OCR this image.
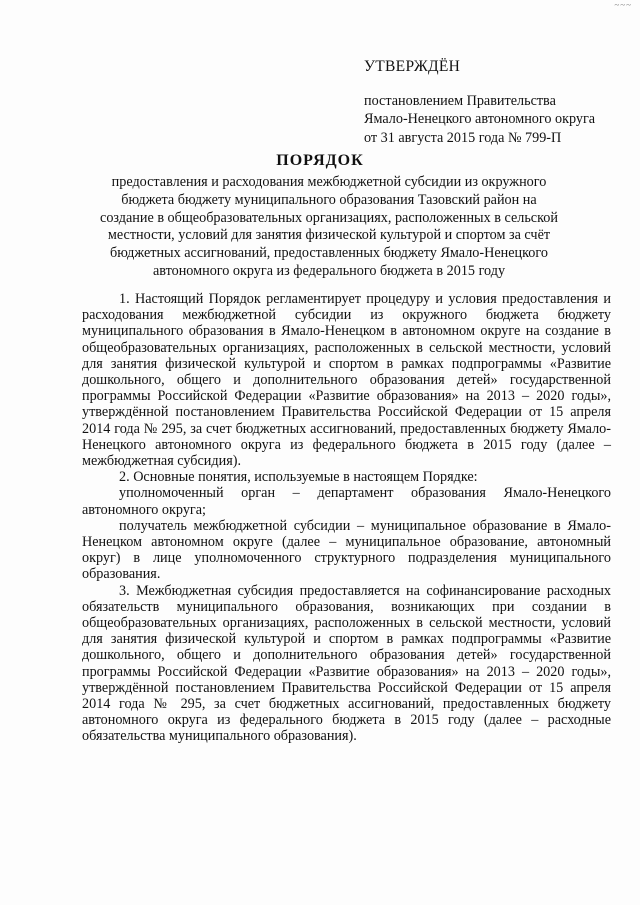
~~~
УТВЕРЖДЁН
постановлением Правительства
Ямало-Ненецкого автономного округа
от 31 августа 2015 года № 799-П
ПОРЯДОК
предоставления и расходования межбюджетной субсидии из окружного бюджета бюджету муниципального образования Тазовский район на создание в общеобразовательных организациях, расположенных в сельской местности, условий для занятия физической культурой и спортом за счёт бюджетных ассигнований, предоставленных бюджету Ямало-Ненецкого автономного округа из федерального бюджета в 2015 году

1. Настоящий Порядок регламентирует процедуру и условия предоставления и расходования межбюджетной субсидии из окружного бюджета бюджету муниципального образования в Ямало-Ненецком в автономном округе на создание в общеобразовательных организациях, расположенных в сельской местности, условий для занятия физической культурой и спортом в рамках подпрограммы «Развитие дошкольного, общего и дополнительного образования детей» государственной программы Российской Федерации «Развитие образования» на 2013 – 2020 годы», утверждённой постановлением Правительства Российской Федерации от 15 апреля 2014 года № 295, за счет бюджетных ассигнований, предоставленных бюджету Ямало-Ненецкого автономного округа из федерального бюджета в 2015 году (далее – межбюджетная субсидия).

2. Основные понятия, используемые в настоящем Порядке:

уполномоченный орган – департамент образования Ямало-Ненецкого автономного округа;

получатель межбюджетной субсидии – муниципальное образование в Ямало-Ненецком автономном округе (далее – муниципальное образование, автономный округ) в лице уполномоченного структурного подразделения муниципального образования.

3. Межбюджетная субсидия предоставляется на софинансирование расходных обязательств муниципального образования, возникающих при создании в общеобразовательных организациях, расположенных в сельской местности, условий для занятия физической культурой и спортом в рамках подпрограммы «Развитие дошкольного, общего и дополнительного образования детей» государственной программы Российской Федерации «Развитие образования» на 2013 – 2020 годы», утверждённой постановлением Правительства Российской Федерации от 15 апреля 2014 года № 295, за счет бюджетных ассигнований, предоставленных бюджету автономного округа из федерального бюджета в 2015 году (далее – расходные обязательства муниципального образования).
